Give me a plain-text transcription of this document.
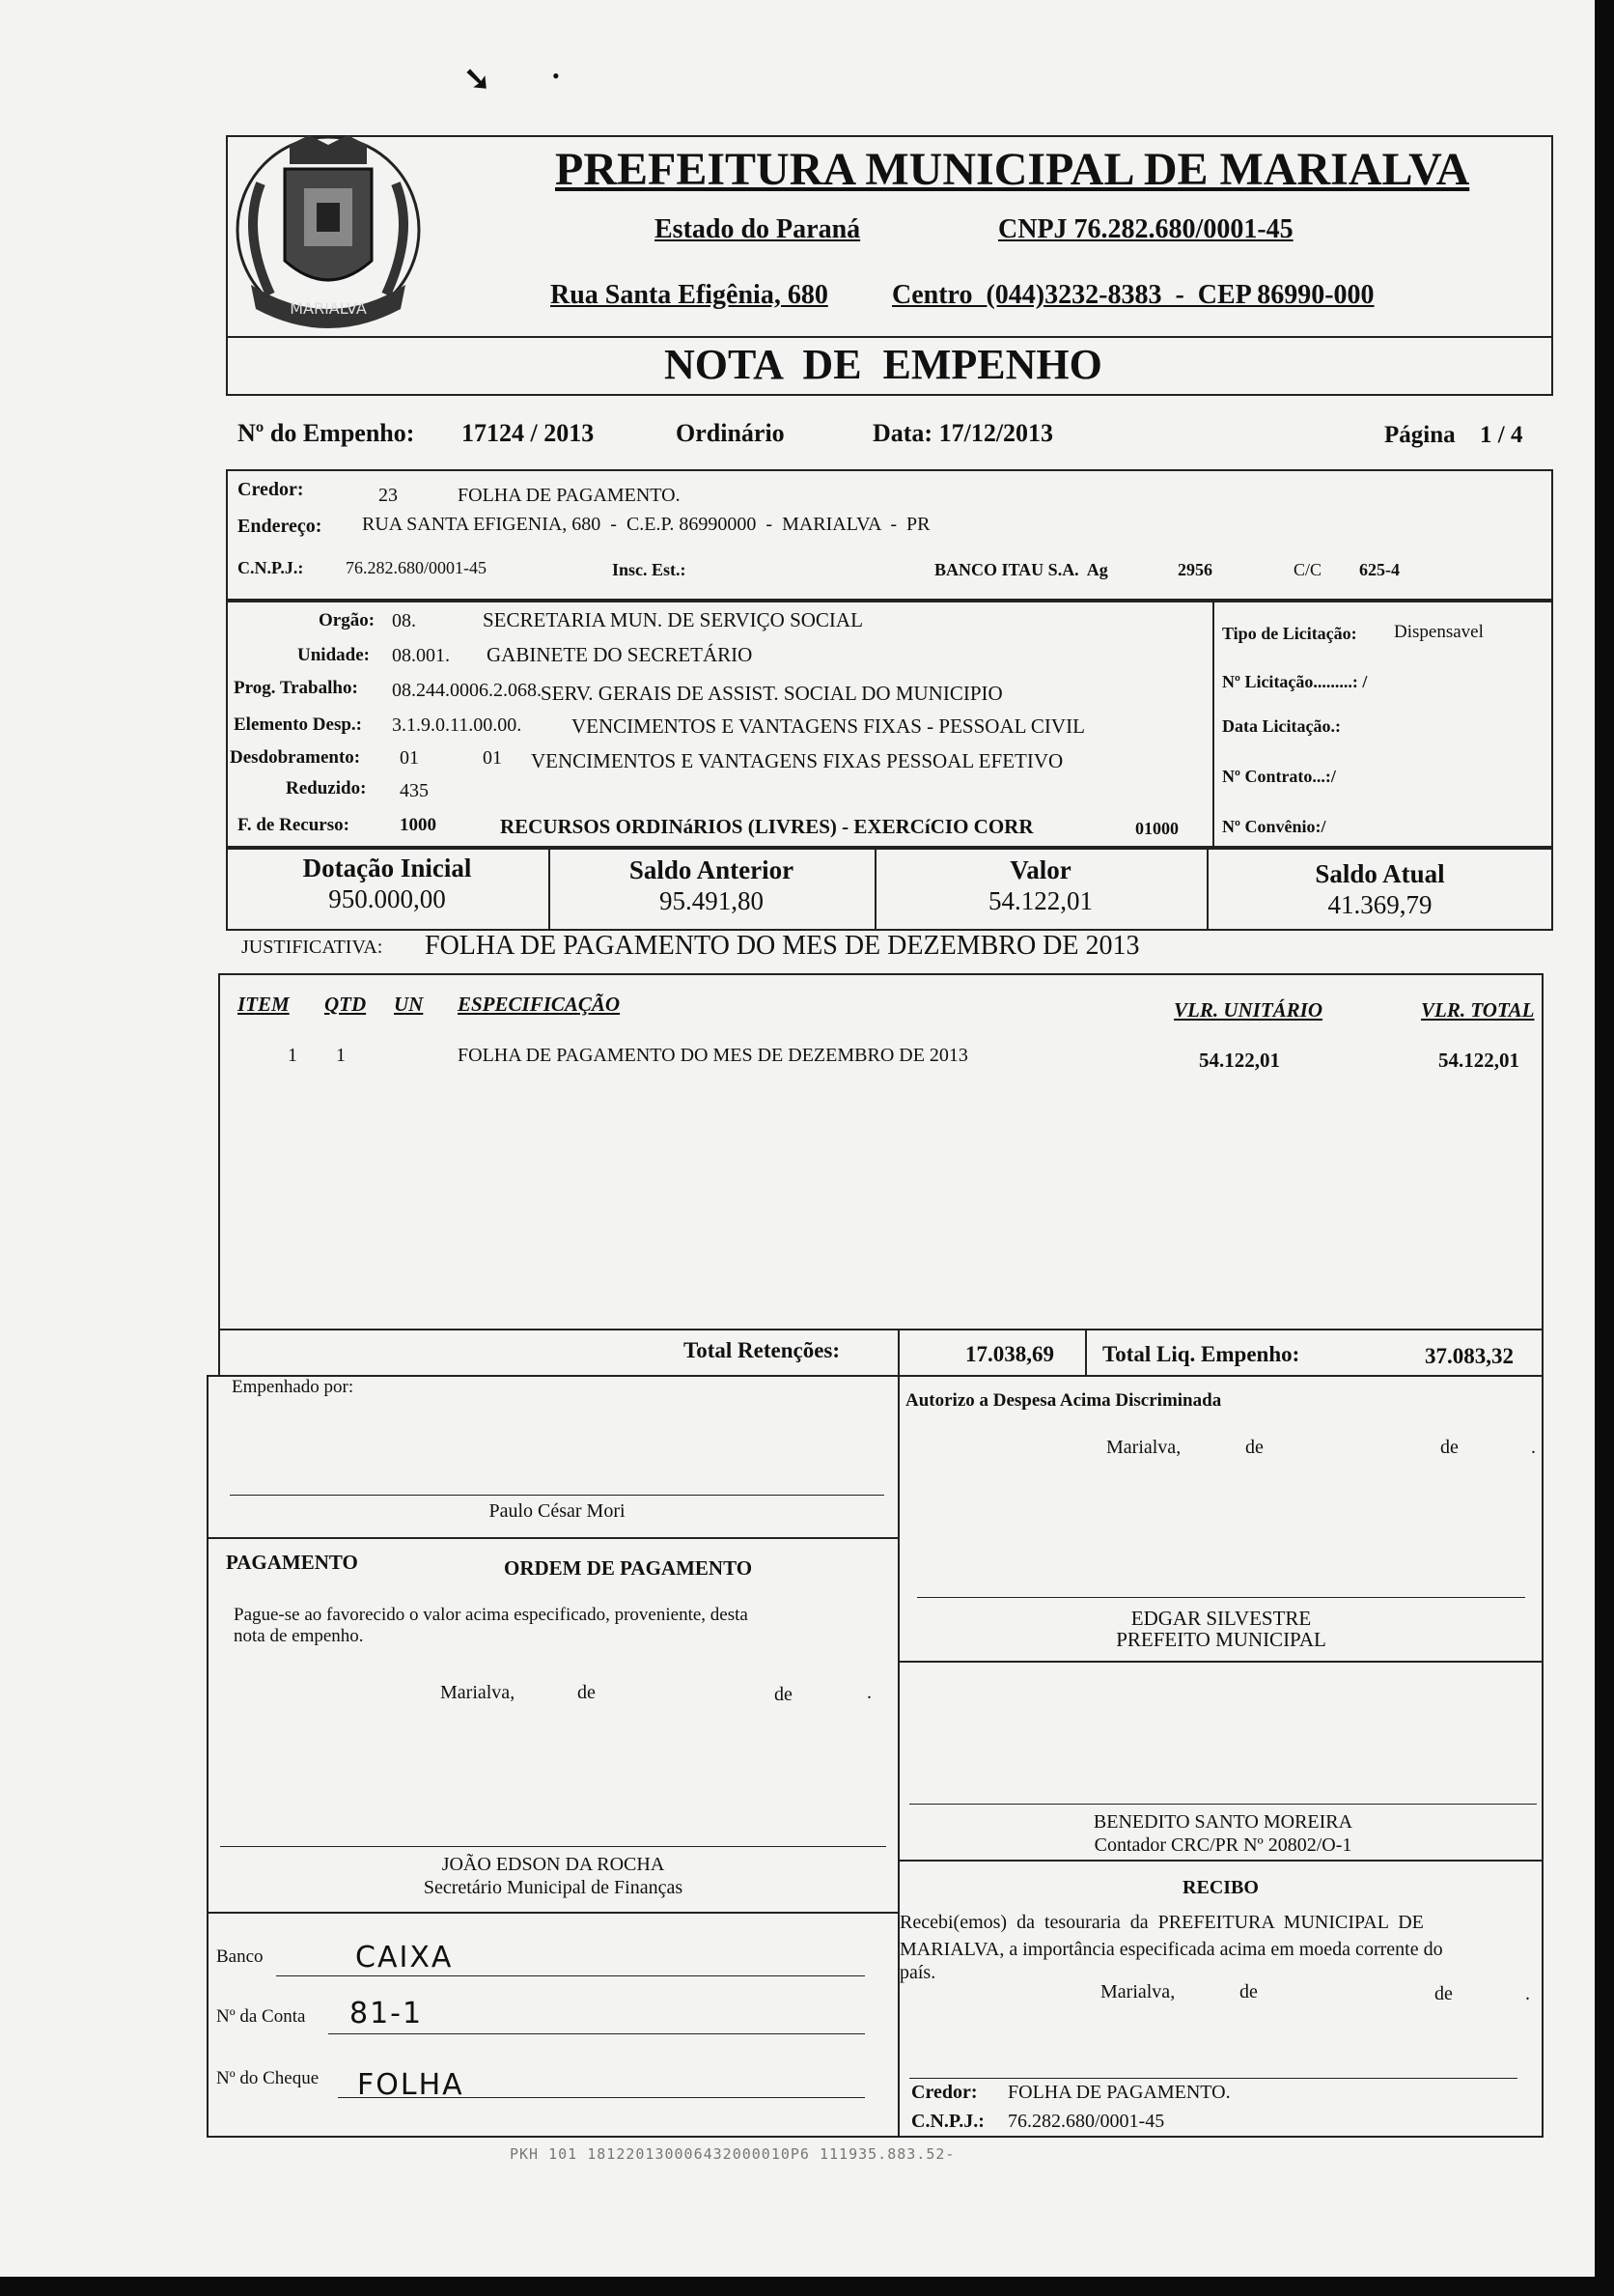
➘	•
MARIALVA
PREFEITURA MUNICIPAL DE MARIALVA
Estado do Paraná	CNPJ 76.282.680/0001-45
Rua Santa Efigênia, 680 Centro  (044)3232-8383  -  CEP 86990-000
NOTA  DE  EMPENHO
Nº do Empenho: 17124 / 2013	Ordinário	Data: 17/12/2013	Página 1 / 4
Credor:	23	FOLHA DE PAGAMENTO.
Endereço: RUA SANTA EFIGENIA, 680  -  C.E.P. 86990000  -  MARIALVA  -  PR
C.N.P.J.: 76.282.680/0001-45	Insc. Est.:	BANCO ITAU S.A.  Ag	2956	C/C 625-4
Orgão: 08.	SECRETARIA MUN. DE SERVIÇO SOCIAL
Unidade: 08.001. GABINETE DO SECRETÁRIO
Prog. Trabalho: 08.244.0006.2.068. SERV. GERAIS DE ASSIST. SOCIAL DO MUNICIPIO
Elemento Desp.: 3.1.9.0.11.00.00. VENCIMENTOS E VANTAGENS FIXAS - PESSOAL CIVIL
Desdobramento: 01	01 VENCIMENTOS E VANTAGENS FIXAS PESSOAL EFETIVO
Reduzido: 435
F. de Recurso:	1000	RECURSOS ORDINáRIOS (LIVRES) - EXERCíCIO CORR	01000
Tipo de Licitação: Dispensavel
Nº Licitação.........: /
Data Licitação.:
Nº Contrato...:/
Nº Convênio:/
Dotação Inicial
950.000,00
Saldo Anterior
95.491,80
Valor
54.122,01
Saldo Atual
41.369,79
JUSTIFICATIVA: FOLHA DE PAGAMENTO DO MES DE DEZEMBRO DE 2013
ITEM QTD UN ESPECIFICAÇÃO	VLR. UNITÁRIO	VLR. TOTAL
1 1	FOLHA DE PAGAMENTO DO MES DE DEZEMBRO DE 2013	54.122,01	54.122,01
Total Retenções:	17.038,69 Total Liq. Empenho:	37.083,32
Empenhado por:
Paulo César Mori
PAGAMENTO	ORDEM DE PAGAMENTO
Pague-se ao favorecido o valor acima especificado, proveniente, desta
nota de empenho.
Marialva,	de	de	.
JOÃO EDSON DA ROCHA
Secretário Municipal de Finanças
Banco	CAIXA
Nº da Conta 81-1
Nº do Cheque FOLHA
Autorizo a Despesa Acima Discriminada
Marialva,	de	de	.
EDGAR SILVESTRE
PREFEITO MUNICIPAL
BENEDITO SANTO MOREIRA
Contador CRC/PR Nº 20802/O-1
RECIBO
Recebi(emos)  da  tesouraria  da  PREFEITURA  MUNICIPAL  DE
MARIALVA, a importância especificada acima em moeda corrente do
país.
Marialva,	de	de	.
Credor: FOLHA DE PAGAMENTO.
C.N.P.J.: 76.282.680/0001-45
PKH 101 181220130006432000010P6 111935.883.52-
